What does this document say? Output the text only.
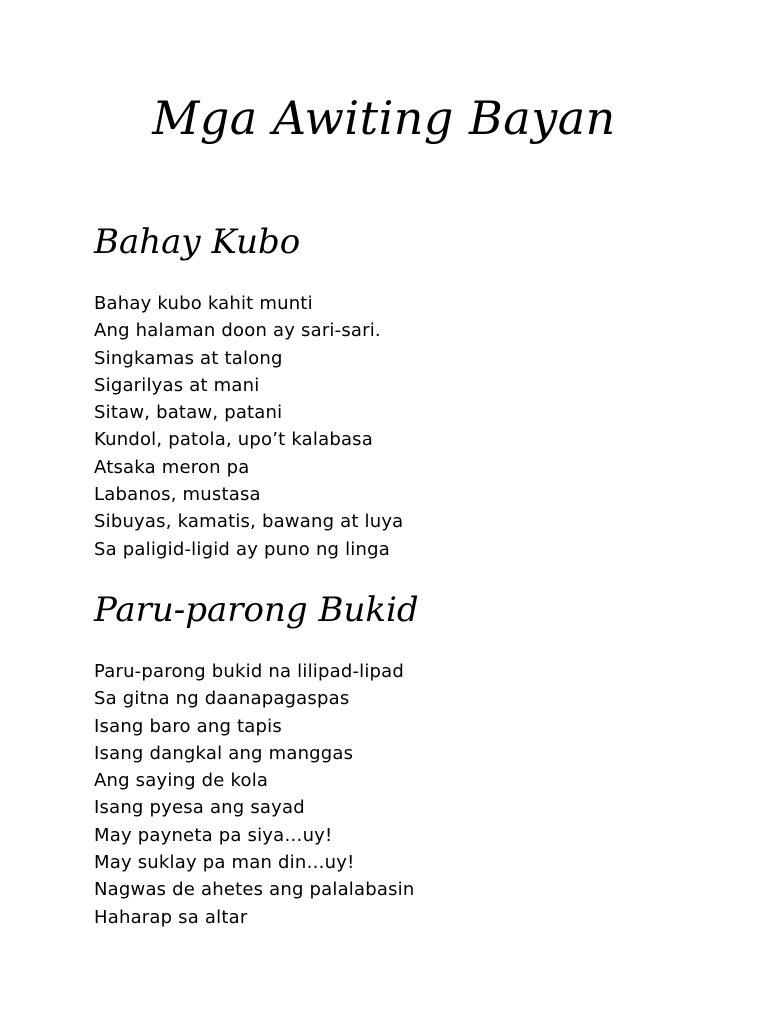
Mga Awiting Bayan
Bahay Kubo
Bahay kubo kahit munti
Ang halaman doon ay sari-sari.
Singkamas at talong
Sigarilyas at mani
Sitaw, bataw, patani
Kundol, patola, upo’t kalabasa
Atsaka meron pa
Labanos, mustasa
Sibuyas, kamatis, bawang at luya
Sa paligid-ligid ay puno ng linga
Paru-parong Bukid
Paru-parong bukid na lilipad-lipad
Sa gitna ng daanapagaspas
Isang baro ang tapis
Isang dangkal ang manggas
Ang saying de kola
Isang pyesa ang sayad
May payneta pa siya…uy!
May suklay pa man din…uy!
Nagwas de ahetes ang palalabasin
Haharap sa altar
